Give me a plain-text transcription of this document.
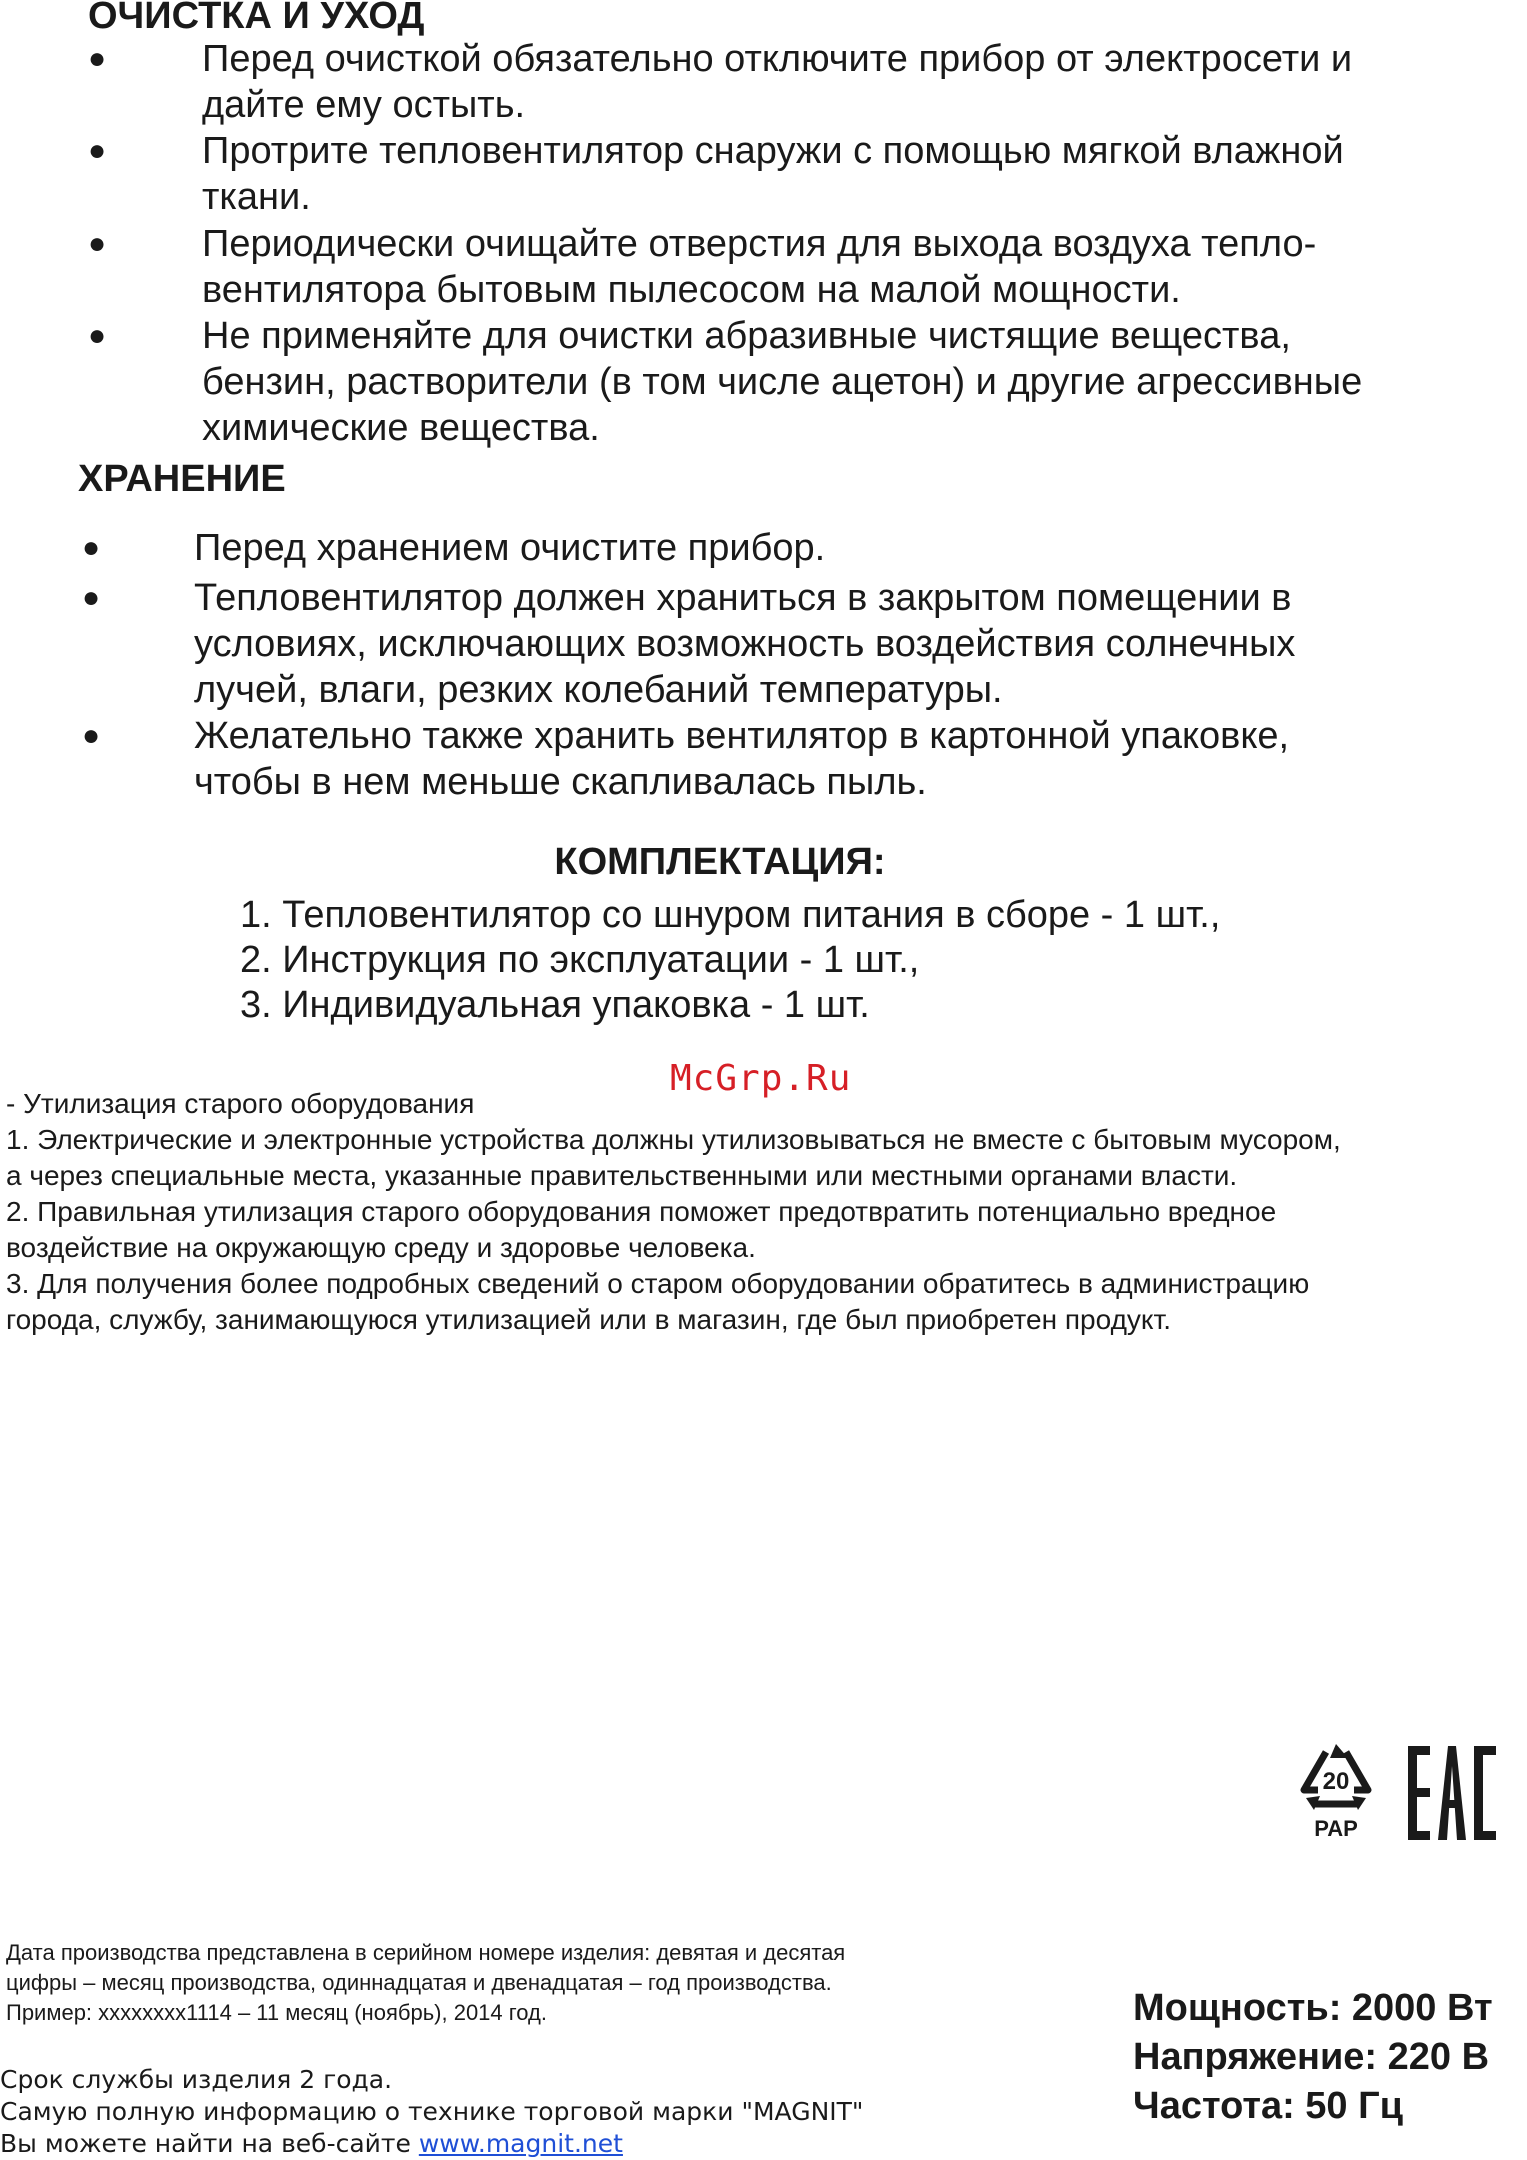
ОЧИСТКА И УХОД
●	Перед очисткой обязательно отключите прибор от электросети и
дайте ему остыть.
●	Протрите тепловентилятор снаружи с помощью мягкой влажной
ткани.
●	Периодически очищайте отверстия для выхода воздуха тепло-
вентилятора бытовым пылесосом на малой мощности.
●	Не применяйте для очистки абразивные чистящие вещества,
бензин, растворители (в том числе ацетон) и другие агрессивные
химические вещества.
ХРАНЕНИЕ
● Перед хранением очистите прибор.
● Тепловентилятор должен храниться в закрытом помещении в
условиях, исключающих возможность воздействия солнечных
лучей, влаги, резких колебаний температуры.
● Желательно также хранить вентилятор в картонной упаковке,
чтобы в нем меньше скапливалась пыль.
КОМПЛЕКТАЦИЯ:
1. Тепловентилятор со шнуром питания в сборе - 1 шт.,
2. Инструкция по эксплуатации - 1 шт.,
3. Индивидуальная упаковка - 1 шт.
McGrp.Ru
- Утилизация старого оборудования
1. Электрические и электронные устройства должны утилизовываться не вместе с бытовым мусором,
а через специальные места, указанные правительственными или местными органами власти.
2. Правильная утилизация старого оборудования поможет предотвратить потенциально вредное
воздействие на окружающую среду и здоровье человека.
3. Для получения более подробных сведений о старом оборудовании обратитесь в администрацию
города, службу, занимающуюся утилизацией или в магазин, где был приобретен продукт.
20
PAP
Дата производства представлена в серийном номере изделия: девятая и десятая
цифры – месяц производства, одиннадцатая и двенадцатая – год производства.
Пример: хххххххх1114 – 11 месяц (ноябрь), 2014 год.
Срок службы изделия 2 года.
Самую полную информацию о технике торговой марки "MAGNIT"
Вы можете найти на веб-сайте www.magnit.net
Мощность: 2000 Вт
Напряжение: 220 В
Частота: 50 Гц
